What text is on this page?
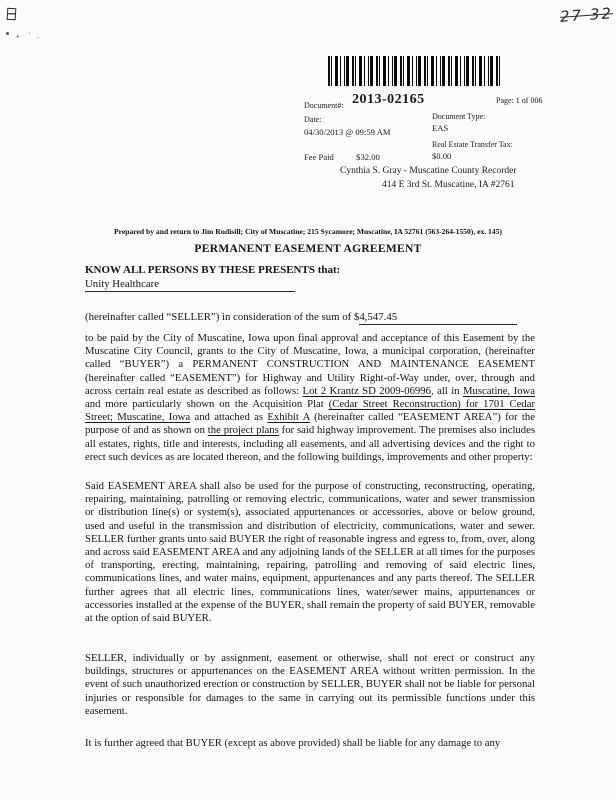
27 32
Document#: 2013-02165	Page: 1 of 006
Date:
04/30/2013 @ 09:59 AM
Document Type:
EAS
Real Estate Transfer Tax:
$0.00
Fee Paid	$32.00
Cynthia S. Gray - Muscatine County Recorder
414 E 3rd St. Muscatine, IA #2761
Prepared by and return to Jim Rudisill; City of Muscatine; 215 Sycamore; Muscatine, IA 52761 (563-264-1550), ex. 145)
PERMANENT EASEMENT AGREEMENT
KNOW ALL PERSONS BY THESE PRESENTS that:
Unity Healthcare
(hereinafter called “SELLER”) in consideration of the sum of $4,547.45

to be paid by the City of Muscatine, Iowa upon final approval and acceptance of this Easement by the Muscatine City Council, grants to the City of Muscatine, Iowa, a municipal corporation, (hereinafter called “BUYER”) a PERMANENT CONSTRUCTION AND MAINTENANCE EASEMENT (hereinafter called “EASEMENT”) for Highway and Utility Right-of-Way under, over, through and across certain real estate as described as follows: Lot 2 Krantz SD 2009-06996, all in Muscatine, Iowa and more particularly shown on the Acquisition Plat (Cedar Street Reconstruction) for 1701 Cedar Street; Muscatine, Iowa and attached as Exhibit A (hereinafter called “EASEMENT AREA”) for the purpose of and as shown on the project plans for said highway improvement. The premises also includes all estates, rights, title and interests, including all easements, and all advertising devices and the right to erect such devices as are located thereon, and the following buildings, improvements and other property:

Said EASEMENT AREA shall also be used for the purpose of constructing, reconstructing, operating, repairing, maintaining, patrolling or removing electric, communications, water and sewer transmission or distribution line(s) or system(s), associated appurtenances or accessories, above or below ground, used and useful in the transmission and distribution of electricity, communications, water and sewer. SELLER further grants unto said BUYER the right of reasonable ingress and egress to, from, over, along and across said EASEMENT AREA and any adjoining lands of the SELLER at all times for the purposes of transporting, erecting, maintaining, repairing, patrolling and removing of said electric lines, communications lines, and water mains, equipment, appurtenances and any parts thereof. The SELLER further agrees that all electric lines, communications lines, water/sewer mains, appurtenances or accessories installed at the expense of the BUYER, shall remain the property of said BUYER, removable at the option of said BUYER.

SELLER, individually or by assignment, easement or otherwise, shall not erect or construct any buildings, structures or appurtenances on the EASEMENT AREA without written permission. In the event of such unauthorized erection or construction by SELLER, BUYER shall not be liable for personal injuries or responsible for damages to the same in carrying out its permissible functions under this easement.

It is further agreed that BUYER (except as above provided) shall be liable for any damage to any
